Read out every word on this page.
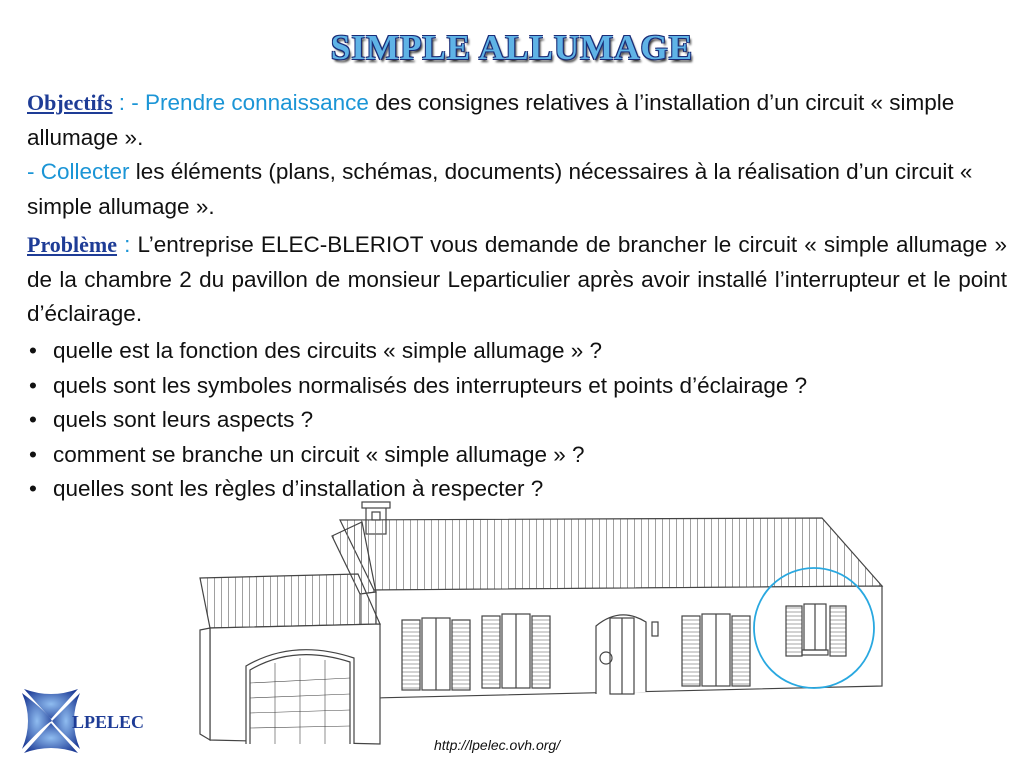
SIMPLE ALLUMAGE
Objectifs : - Prendre connaissance des consignes relatives à l’installation d’un circuit « simple allumage ».
- Collecter les éléments (plans, schémas, documents) nécessaires à la réalisation d’un circuit « simple allumage ».
Problème : L’entreprise ELEC-BLERIOT vous demande de brancher le circuit « simple allumage » de la chambre 2 du pavillon de monsieur Leparticulier après avoir installé l’interrupteur et le point d’éclairage.
• quelle est la fonction des circuits « simple allumage » ?
• quels sont les symboles normalisés des interrupteurs et points d’éclairage ?
• quels sont leurs aspects ?
• comment se branche un circuit « simple allumage » ?
• quelles sont les règles d’installation à respecter ?
LPELEC
http://lpelec.ovh.org/
